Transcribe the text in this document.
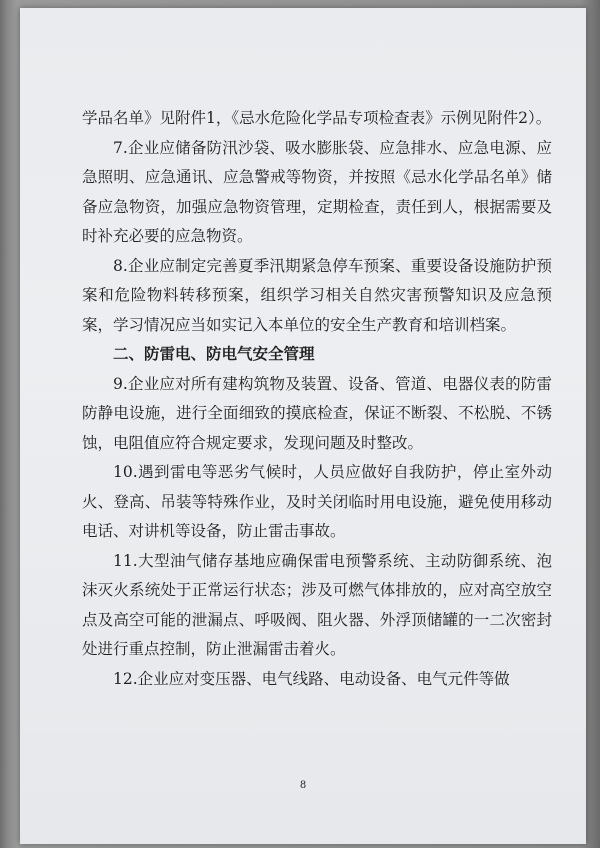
学品名单》见附件1，《忌水危险化学品专项检查表》示例见附件2）。

7.企业应储备防汛沙袋、吸水膨胀袋、应急排水、应急电源、应急照明、应急通讯、应急警戒等物资，并按照《忌水化学品名单》储备应急物资，加强应急物资管理，定期检查，责任到人，根据需要及时补充必要的应急物资。

8.企业应制定完善夏季汛期紧急停车预案、重要设备设施防护预案和危险物料转移预案，组织学习相关自然灾害预警知识及应急预案，学习情况应当如实记入本单位的安全生产教育和培训档案。

二、防雷电、防电气安全管理

9.企业应对所有建构筑物及装置、设备、管道、电器仪表的防雷防静电设施，进行全面细致的摸底检查，保证不断裂、不松脱、不锈蚀，电阻值应符合规定要求，发现问题及时整改。

10.遇到雷电等恶劣气候时，人员应做好自我防护，停止室外动火、登高、吊装等特殊作业，及时关闭临时用电设施，避免使用移动电话、对讲机等设备，防止雷击事故。

11.大型油气储存基地应确保雷电预警系统、主动防御系统、泡沫灭火系统处于正常运行状态；涉及可燃气体排放的，应对高空放空点及高空可能的泄漏点、呼吸阀、阻火器、外浮顶储罐的一二次密封处进行重点控制，防止泄漏雷击着火。

12.企业应对变压器、电气线路、电动设备、电气元件等做

8
